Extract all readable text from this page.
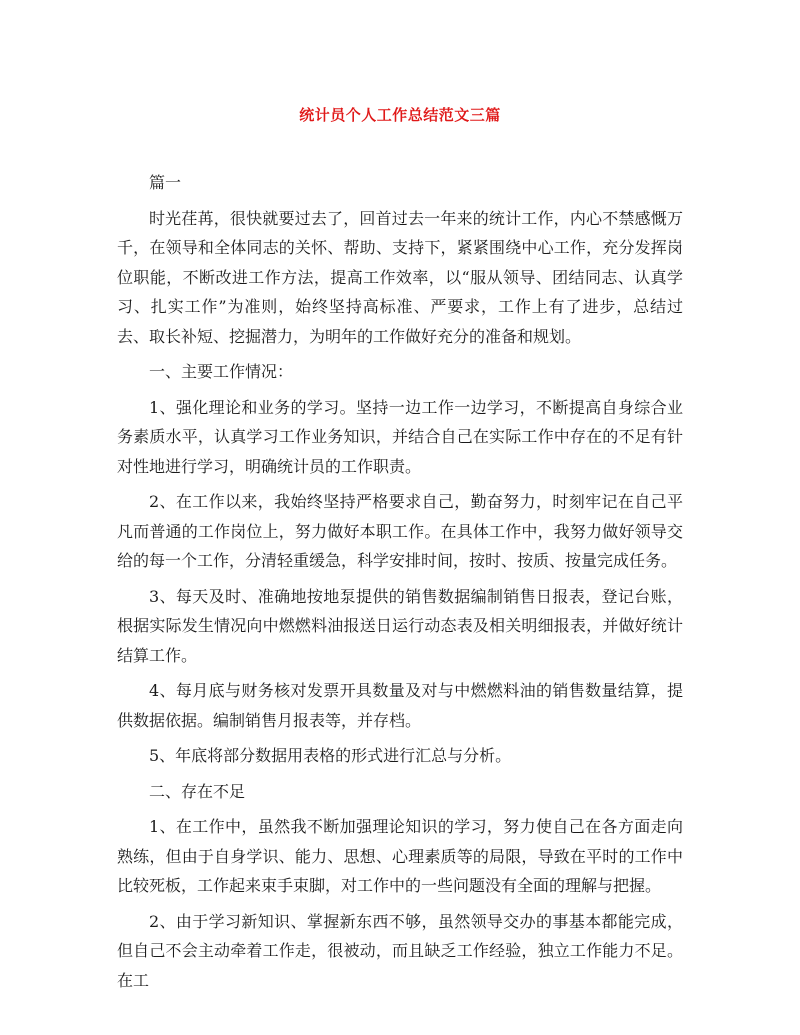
统计员个人工作总结范文三篇

篇一

时光荏苒，很快就要过去了，回首过去一年来的统计工作，内心不禁感慨万千，在领导和全体同志的关怀、帮助、支持下，紧紧围绕中心工作，充分发挥岗位职能，不断改进工作方法，提高工作效率，以“服从领导、团结同志、认真学习、扎实工作”为准则，始终坚持高标准、严要求，工作上有了进步，总结过去、取长补短、挖掘潜力，为明年的工作做好充分的准备和规划。

一、主要工作情况：

1、强化理论和业务的学习。坚持一边工作一边学习，不断提高自身综合业务素质水平，认真学习工作业务知识，并结合自己在实际工作中存在的不足有针对性地进行学习，明确统计员的工作职责。

2、在工作以来，我始终坚持严格要求自己，勤奋努力，时刻牢记在自己平凡而普通的工作岗位上，努力做好本职工作。在具体工作中，我努力做好领导交给的每一个工作，分清轻重缓急，科学安排时间，按时、按质、按量完成任务。

3、每天及时、准确地按地泵提供的销售数据编制销售日报表，登记台账，根据实际发生情况向中燃燃料油报送日运行动态表及相关明细报表，并做好统计结算工作。

4、每月底与财务核对发票开具数量及对与中燃燃料油的销售数量结算，提供数据依据。编制销售月报表等，并存档。

5、年底将部分数据用表格的形式进行汇总与分析。

二、存在不足

1、在工作中，虽然我不断加强理论知识的学习，努力使自己在各方面走向熟练，但由于自身学识、能力、思想、心理素质等的局限，导致在平时的工作中比较死板，工作起来束手束脚，对工作中的一些问题没有全面的理解与把握。

2、由于学习新知识、掌握新东西不够，虽然领导交办的事基本都能完成，但自己不会主动牵着工作走，很被动，而且缺乏工作经验，独立工作能力不足。在工
